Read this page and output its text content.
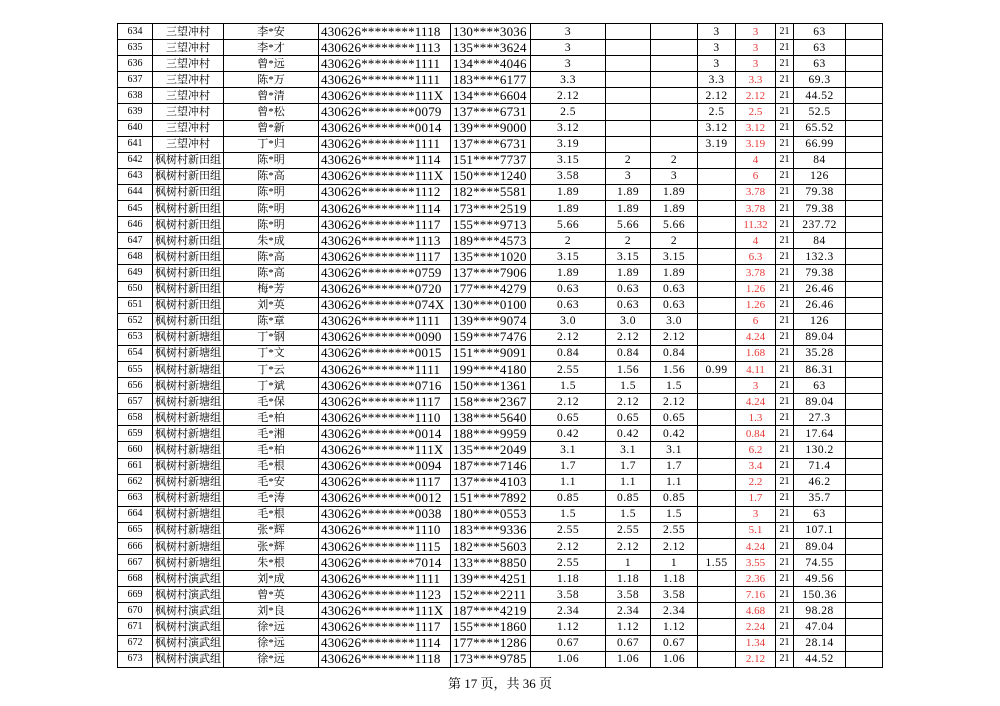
634	三望冲村	李*安	430626********1118	130****3036	3			3	3	21	63	
635	三望冲村	李*才	430626********1113	135****3624	3			3	3	21	63	
636	三望冲村	曾*远	430626********1111	134****4046	3			3	3	21	63	
637	三望冲村	陈*万	430626********1111	183****6177	3.3			3.3	3.3	21	69.3	
638	三望冲村	曾*清	430626********111X	134****6604	2.12			2.12	2.12	21	44.52	
639	三望冲村	曾*松	430626********0079	137****6731	2.5			2.5	2.5	21	52.5	
640	三望冲村	曾*新	430626********0014	139****9000	3.12			3.12	3.12	21	65.52	
641	三望冲村	丁*归	430626********1111	137****6731	3.19			3.19	3.19	21	66.99	
642	枫树村新田组	陈*明	430626********1114	151****7737	3.15	2	2		4	21	84	
643	枫树村新田组	陈*高	430626********111X	150****1240	3.58	3	3		6	21	126	
644	枫树村新田组	陈*明	430626********1112	182****5581	1.89	1.89	1.89		3.78	21	79.38	
645	枫树村新田组	陈*明	430626********1114	173****2519	1.89	1.89	1.89		3.78	21	79.38	
646	枫树村新田组	陈*明	430626********1117	155****9713	5.66	5.66	5.66		11.32	21	237.72	
647	枫树村新田组	朱*成	430626********1113	189****4573	2	2	2		4	21	84	
648	枫树村新田组	陈*高	430626********1117	135****1020	3.15	3.15	3.15		6.3	21	132.3	
649	枫树村新田组	陈*高	430626********0759	137****7906	1.89	1.89	1.89		3.78	21	79.38	
650	枫树村新田组	梅*芳	430626********0720	177****4279	0.63	0.63	0.63		1.26	21	26.46	
651	枫树村新田组	刘*英	430626********074X	130****0100	0.63	0.63	0.63		1.26	21	26.46	
652	枫树村新田组	陈*章	430626********1111	139****9074	3.0	3.0	3.0		6	21	126	
653	枫树村新塘组	丁*钢	430626********0090	159****7476	2.12	2.12	2.12		4.24	21	89.04	
654	枫树村新塘组	丁*文	430626********0015	151****9091	0.84	0.84	0.84		1.68	21	35.28	
655	枫树村新塘组	丁*云	430626********1111	199****4180	2.55	1.56	1.56	0.99	4.11	21	86.31	
656	枫树村新塘组	丁*斌	430626********0716	150****1361	1.5	1.5	1.5		3	21	63	
657	枫树村新塘组	毛*保	430626********1117	158****2367	2.12	2.12	2.12		4.24	21	89.04	
658	枫树村新塘组	毛*柏	430626********1110	138****5640	0.65	0.65	0.65		1.3	21	27.3	
659	枫树村新塘组	毛*湘	430626********0014	188****9959	0.42	0.42	0.42		0.84	21	17.64	
660	枫树村新塘组	毛*柏	430626********111X	135****2049	3.1	3.1	3.1		6.2	21	130.2	
661	枫树村新塘组	毛*根	430626********0094	187****7146	1.7	1.7	1.7		3.4	21	71.4	
662	枫树村新塘组	毛*安	430626********1117	137****4103	1.1	1.1	1.1		2.2	21	46.2	
663	枫树村新塘组	毛*涛	430626********0012	151****7892	0.85	0.85	0.85		1.7	21	35.7	
664	枫树村新塘组	毛*根	430626********0038	180****0553	1.5	1.5	1.5		3	21	63	
665	枫树村新塘组	张*辉	430626********1110	183****9336	2.55	2.55	2.55		5.1	21	107.1	
666	枫树村新塘组	张*辉	430626********1115	182****5603	2.12	2.12	2.12		4.24	21	89.04	
667	枫树村新塘组	朱*根	430626********7014	133****8850	2.55	1	1	1.55	3.55	21	74.55	
668	枫树村演武组	刘*成	430626********1111	139****4251	1.18	1.18	1.18		2.36	21	49.56	
669	枫树村演武组	曾*英	430626********1123	152****2211	3.58	3.58	3.58		7.16	21	150.36	
670	枫树村演武组	刘*良	430626********111X	187****4219	2.34	2.34	2.34		4.68	21	98.28	
671	枫树村演武组	徐*远	430626********1117	155****1860	1.12	1.12	1.12		2.24	21	47.04	
672	枫树村演武组	徐*远	430626********1114	177****1286	0.67	0.67	0.67		1.34	21	28.14	
673	枫树村演武组	徐*远	430626********1118	173****9785	1.06	1.06	1.06		2.12	21	44.52	
第 17 页，共 36 页
